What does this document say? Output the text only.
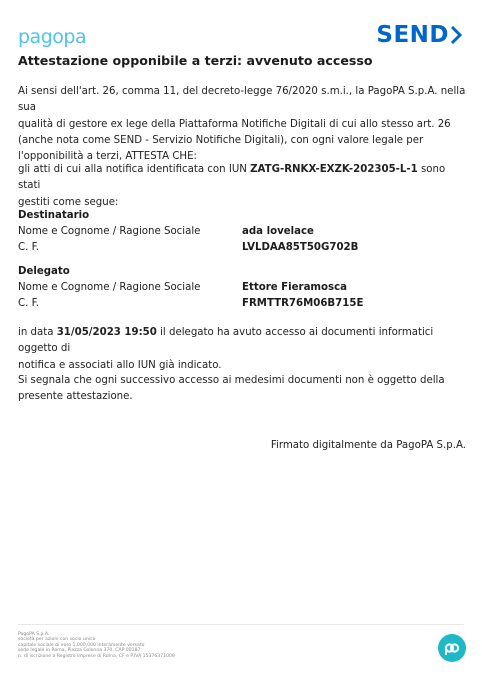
pagopa	SEND
Attestazione opponibile a terzi: avvenuto accesso
Ai sensi dell'art. 26, comma 11, del decreto-legge 76/2020 s.m.i., la PagoPA S.p.A. nella sua
qualità di gestore ex lege della Piattaforma Notifiche Digitali di cui allo stesso art. 26
(anche nota come SEND - Servizio Notifiche Digitali), con ogni valore legale per
l'opponibilità a terzi, ATTESTA CHE:
gli atti di cui alla notifica identificata con IUN ZATG-RNKX-EXZK-202305-L-1 sono stati
gestiti come segue:
Destinatario
Nome e Cognome / Ragione Sociale	ada lovelace
C. F.	LVLDAA85T50G702B
Delegato
Nome e Cognome / Ragione Sociale	Ettore Fieramosca
C. F.	FRMTTR76M06B715E
in data 31/05/2023 19:50 il delegato ha avuto accesso ai documenti informatici oggetto di
notifica e associati allo IUN già indicato.
Si segnala che ogni successivo accesso ai medesimi documenti non è oggetto della
presente attestazione.
Firmato digitalmente da PagoPA S.p.A.
PagoPA S.p.A.
società per azioni con socio unico
capitale sociale di euro 1,000,000 interamente versato
sede legale in Roma, Piazza Colonna 370, CAP 00187
n. di iscrizione a Registro Imprese di Roma, CF e P.IVA 15376371009
